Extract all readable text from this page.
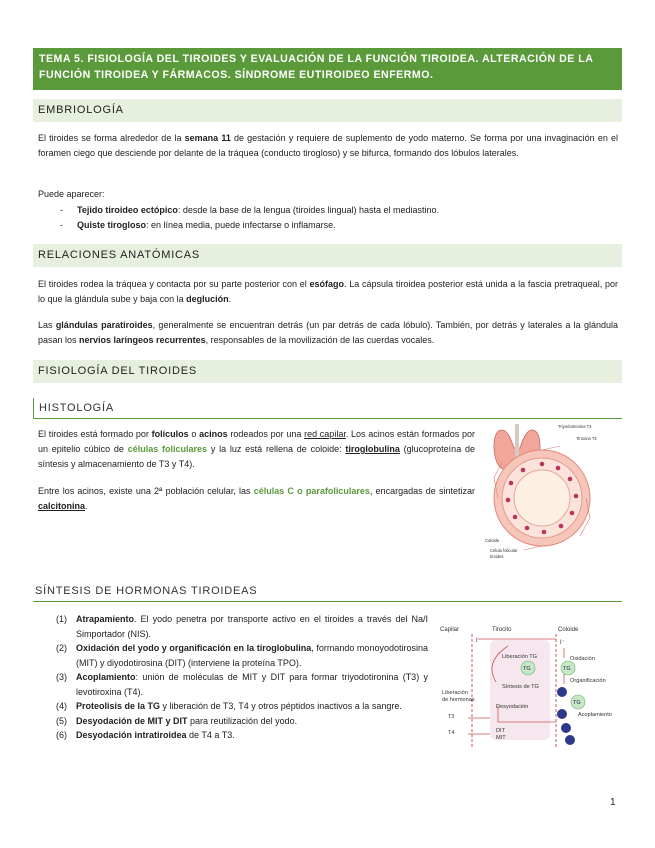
TEMA 5. FISIOLOGÍA DEL TIROIDES Y EVALUACIÓN DE LA FUNCIÓN TIROIDEA. ALTERACIÓN DE LA FUNCIÓN TIROIDEA Y FÁRMACOS. SÍNDROME EUTIROIDEO ENFERMO.
EMBRIOLOGÍA
El tiroides se forma alrededor de la semana 11 de gestación y requiere de suplemento de yodo materno. Se forma por una invaginación en el foramen ciego que desciende por delante de la tráquea (conducto tirogloso) y se bifurca, formando dos lóbulos laterales.
Puede aparecer:
- Tejido tiroideo ectópico: desde la base de la lengua (tiroides lingual) hasta el mediastino.
- Quiste tirogloso: en línea media, puede infectarse o inflamarse.
RELACIONES ANATÓMICAS
El tiroides rodea la tráquea y contacta por su parte posterior con el esófago. La cápsula tiroidea posterior está unida a la fascia pretraqueal, por lo que la glándula sube y baja con la deglución.
Las glándulas paratiroides, generalmente se encuentran detrás (un par detrás de cada lóbulo). También, por detrás y laterales a la glándula pasan los nervios laríngeos recurrentes, responsables de la movilización de las cuerdas vocales.
FISIOLOGÍA DEL TIROIDES
HISTOLOGÍA
El tiroides está formado por folículos o acinos rodeados por una red capilar. Los acinos están formados por un epitelio cúbico de células foliculares y la luz está rellena de coloide: tiroglobulina (glucoproteína de síntesis y almacenamiento de T3 y T4).
Entre los acinos, existe una 2ª población celular, las células C o parafoliculares, encargadas de sintetizar calcitonina.
Triyodotironina T3
Tiroxina T4
Coloide
Célula folicular
tiroides
SÍNTESIS DE HORMONAS TIROIDEAS
(1)	Atrapamiento. El yodo penetra por transporte activo en el tiroides a través del Na/I Simportador (NIS).
(2)	Oxidación del yodo y organificación en la tiroglobulina, formando monoyodotirosina (MIT) y diyodotirosina (DIT) (interviene la proteína TPO).
(3)	Acoplamiento: unión de moléculas de MIT y DIT para formar triyodotironina (T3) y levotiroxina (T4).
(4)	Proteolisis de la TG y liberación de T3, T4 y otros péptidos inactivos a la sangre.
(5)	Desyodación de MIT y DIT para reutilización del yodo.
(6)	Desyodación intratiroidea de T4 a T3.
Capilar	Tirocito	Coloide
I⁻	I⁻
Liberación TG	Oxidación
Organificación
Síntesis de TG
Acoplamiento
Liberación
de hormonas
Desyodación
TG	TG
TG
DIT
MIT
T3
T4
1
